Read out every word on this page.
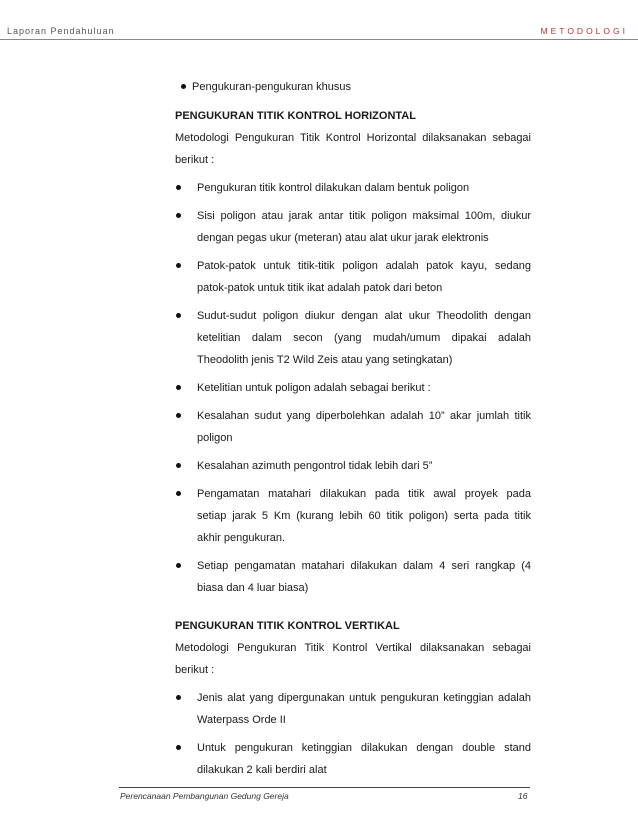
Laporan Pendahuluan	METODOLOGI
Pengukuran-pengukuran khusus
PENGUKURAN TITIK KONTROL HORIZONTAL
Metodologi Pengukuran Titik Kontrol Horizontal dilaksanakan sebagai
berikut :
Pengukuran titik kontrol dilakukan dalam bentuk poligon
Sisi poligon atau jarak antar titik poligon maksimal 100m, diukur
dengan pegas ukur (meteran) atau alat ukur jarak elektronis
Patok-patok untuk titik-titik poligon adalah patok kayu, sedang
patok-patok untuk titik ikat adalah patok dari beton
Sudut-sudut poligon diukur dengan alat ukur Theodolith dengan
ketelitian dalam secon (yang mudah/umum dipakai adalah
Theodolith jenis T2 Wild Zeis atau yang setingkatan)
Ketelitian untuk poligon adalah sebagai berikut :
Kesalahan sudut yang diperbolehkan adalah 10” akar jumlah titik
poligon
Kesalahan azimuth pengontrol tidak lebih dari 5”
Pengamatan matahari dilakukan pada titik awal proyek pada
setiap jarak 5 Km (kurang lebih 60 titik poligon) serta pada titik
akhir pengukuran.
Setiap pengamatan matahari dilakukan dalam 4 seri rangkap (4
biasa dan 4 luar biasa)
PENGUKURAN TITIK KONTROL VERTIKAL
Metodologi Pengukuran Titik Kontrol Vertikal dilaksanakan sebagai
berikut :
Jenis alat yang dipergunakan untuk pengukuran ketinggian adalah
Waterpass Orde II
Untuk pengukuran ketinggian dilakukan dengan double stand
dilakukan 2 kali berdiri alat
Perencanaan Pembangunan Gedung Gereja	16
